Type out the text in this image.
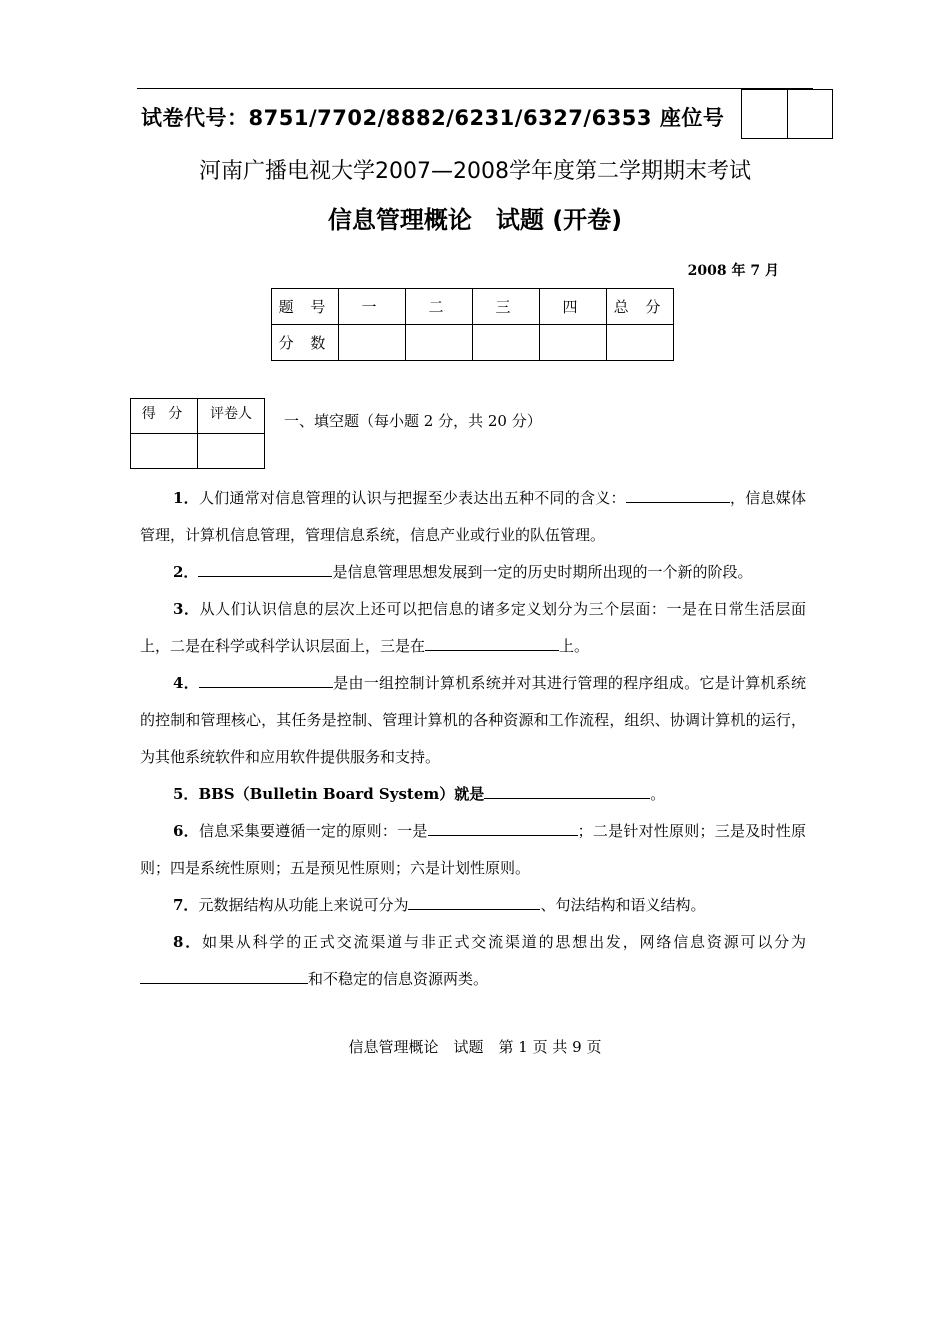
试卷代号：8751/7702/8882/6231/6327/6353 座位号
河南广播电视大学2007—2008学年度第二学期期末考试
信息管理概论　试题 (开卷)
2008 年 7 月
题 号	一	二	三	四	总 分
分 数					
得 分	评卷人
	一、填空题（每小题 2 分，共 20 分）

1．人们通常对信息管理的认识与把握至少表达出五种不同的含义：	，信息媒体管理，计算机信息管理，管理信息系统，信息产业或行业的队伍管理。

2．	是信息管理思想发展到一定的历史时期所出现的一个新的阶段。

3．从人们认识信息的层次上还可以把信息的诸多定义划分为三个层面：一是在日常生活层面上，二是在科学或科学认识层面上，三是在	上。

4．	是由一组控制计算机系统并对其进行管理的程序组成。它是计算机系统的控制和管理核心，其任务是控制、管理计算机的各种资源和工作流程，组织、协调计算机的运行，为其他系统软件和应用软件提供服务和支持。

5．BBS（Bulletin Board System）就是	。

6．信息采集要遵循一定的原则：一是	；二是针对性原则；三是及时性原则；四是系统性原则；五是预见性原则；六是计划性原则。

7．元数据结构从功能上来说可分为	、句法结构和语义结构。

8．如果从科学的正式交流渠道与非正式交流渠道的思想出发，网络信息资源可以分为和不稳定的信息资源两类。

信息管理概论　试题　第 1 页 共 9 页
